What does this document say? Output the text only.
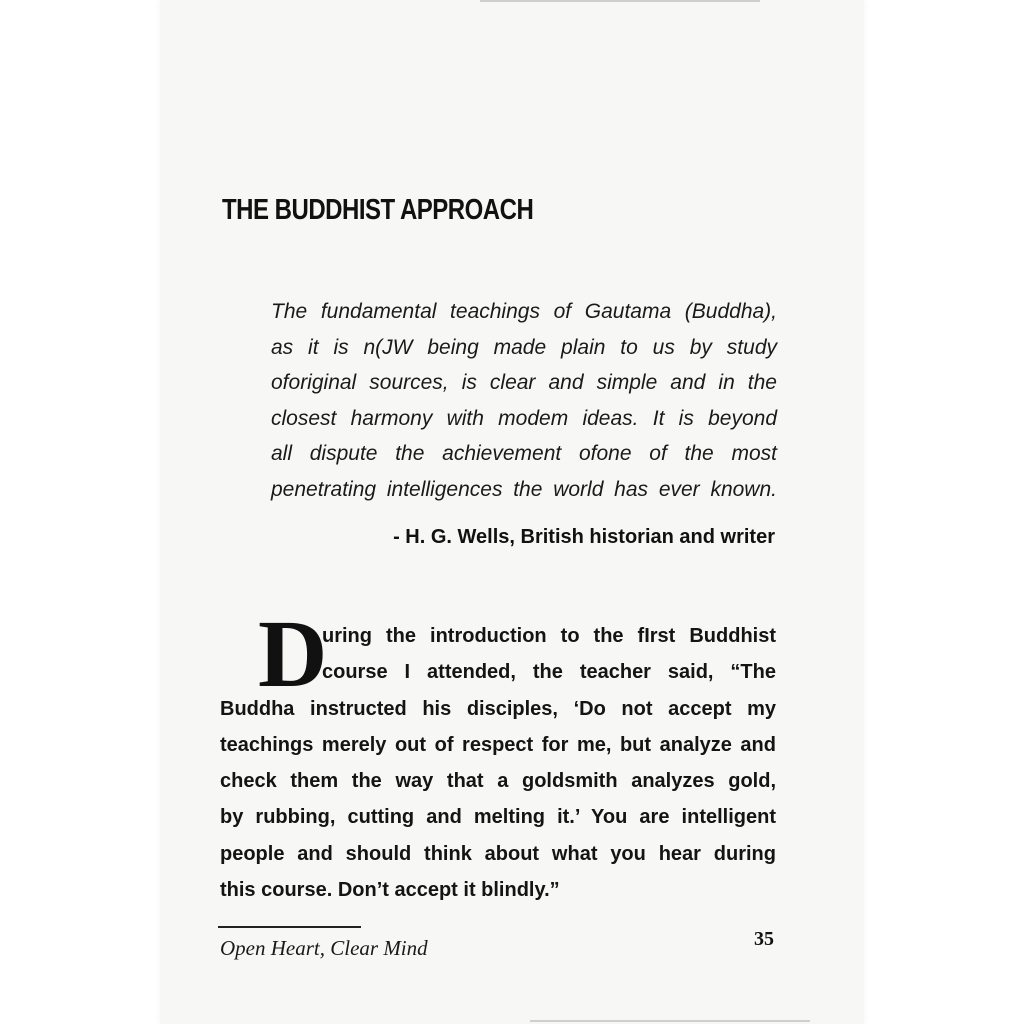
THE BUDDHIST APPROACH
The fundamental teachings of Gautama (Buddha),
as it is n(JW being made plain to us by study
oforiginal sources, is clear and simple and in the
closest harmony with modem ideas. It is beyond
all dispute the achievement ofone of the most
penetrating intelligences the world has ever known.
- H. G. Wells, British historian and writer
D
uring the introduction to the fIrst Buddhist
course I attended, the teacher said, “The
Buddha instructed his disciples, ‘Do not accept my
teachings merely out of respect for me, but analyze and
check them the way that a goldsmith analyzes gold,
by rubbing, cutting and melting it.’ You are intelligent
people and should think about what you hear during
this course. Don’t accept it blindly.”
Open Heart, Clear Mind	35
